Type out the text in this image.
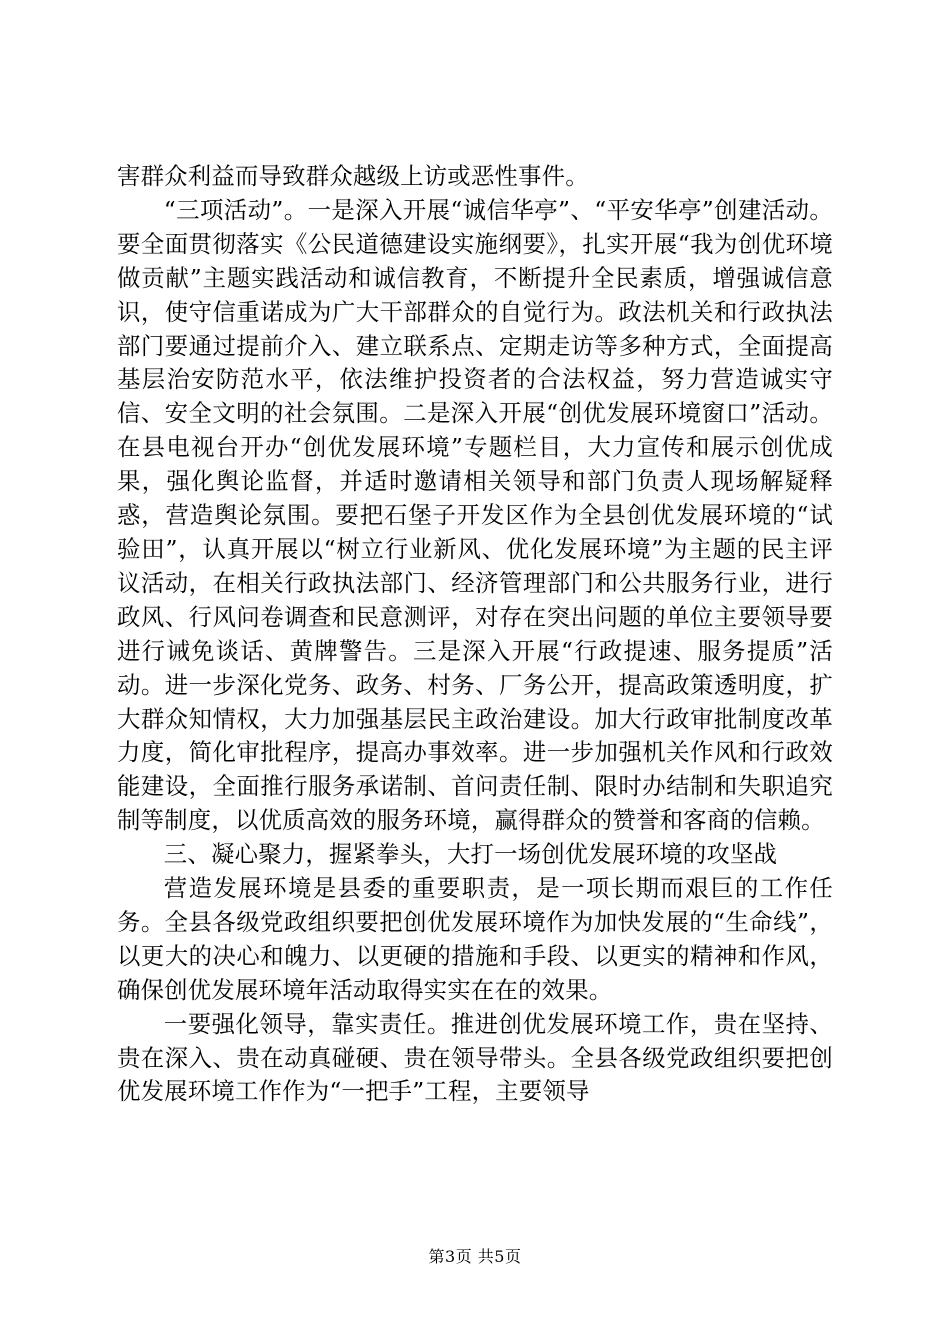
害群众利益而导致群众越级上访或恶性事件。

“三项活动”。一是深入开展“诚信华亭”、“平安华亭”创建活动。要全面贯彻落实《公民道德建设实施纲要》，扎实开展“我为创优环境做贡献”主题实践活动和诚信教育，不断提升全民素质，增强诚信意识，使守信重诺成为广大干部群众的自觉行为。政法机关和行政执法部门要通过提前介入、建立联系点、定期走访等多种方式，全面提高基层治安防范水平，依法维护投资者的合法权益，努力营造诚实守信、安全文明的社会氛围。二是深入开展“创优发展环境窗口”活动。在县电视台开办“创优发展环境”专题栏目，大力宣传和展示创优成果，强化舆论监督，并适时邀请相关领导和部门负责人现场解疑释惑，营造舆论氛围。要把石堡子开发区作为全县创优发展环境的“试验田”，认真开展以“树立行业新风、优化发展环境”为主题的民主评议活动，在相关行政执法部门、经济管理部门和公共服务行业，进行政风、行风问卷调查和民意测评，对存在突出问题的单位主要领导要进行诫免谈话、黄牌警告。三是深入开展“行政提速、服务提质”活动。进一步深化党务、政务、村务、厂务公开，提高政策透明度，扩大群众知情权，大力加强基层民主政治建设。加大行政审批制度改革力度，简化审批程序，提高办事效率。进一步加强机关作风和行政效能建设，全面推行服务承诺制、首问责任制、限时办结制和失职追究制等制度，以优质高效的服务环境，赢得群众的赞誉和客商的信赖。

三、凝心聚力，握紧拳头，大打一场创优发展环境的攻坚战

营造发展环境是县委的重要职责，是一项长期而艰巨的工作任务。全县各级党政组织要把创优发展环境作为加快发展的“生命线”，以更大的决心和魄力、以更硬的措施和手段、以更实的精神和作风，确保创优发展环境年活动取得实实在在的效果。

一要强化领导，靠实责任。推进创优发展环境工作，贵在坚持、贵在深入、贵在动真碰硬、贵在领导带头。全县各级党政组织要把创优发展环境工作作为“一把手”工程，主要领导

第3页 共5页
